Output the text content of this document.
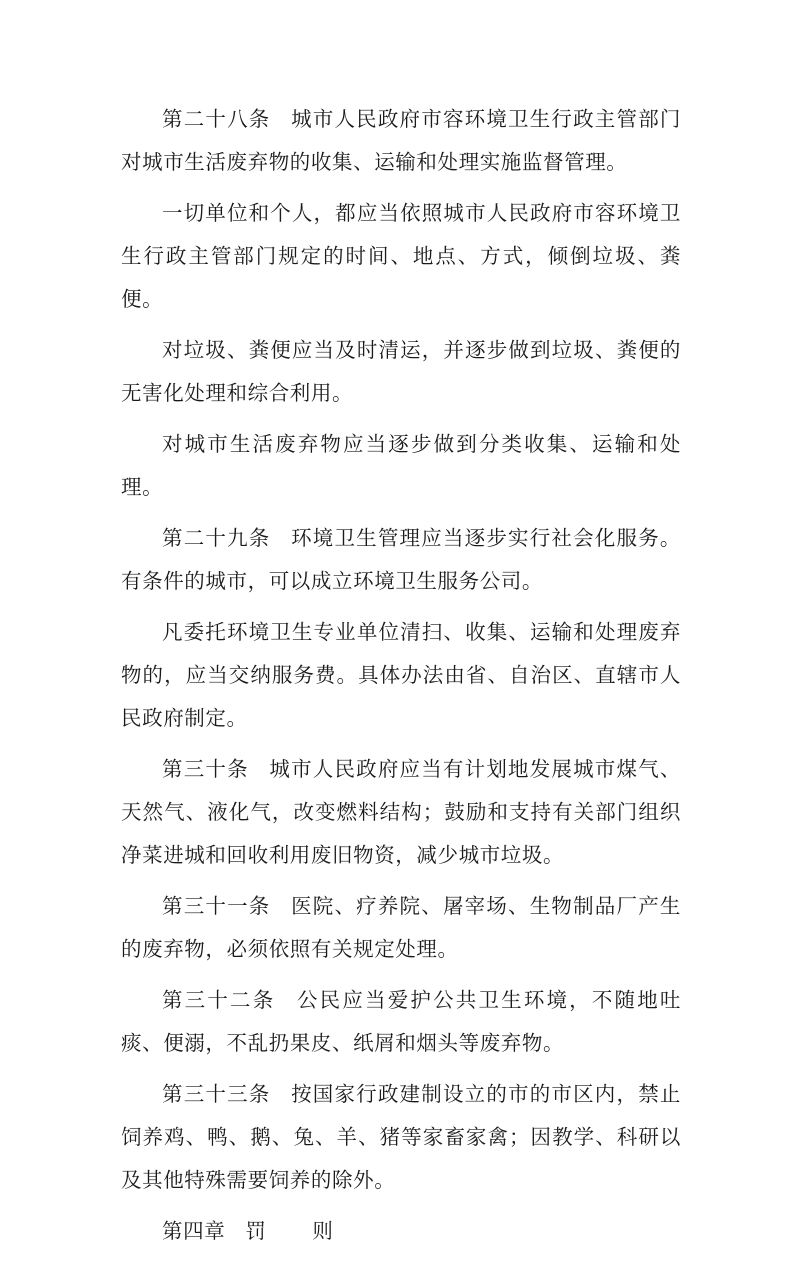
第二十八条 城市人民政府市容环境卫生行政主管部门对城市生活废弃物的收集、运输和处理实施监督管理。

一切单位和个人，都应当依照城市人民政府市容环境卫生行政主管部门规定的时间、地点、方式，倾倒垃圾、粪便。

对垃圾、粪便应当及时清运，并逐步做到垃圾、粪便的无害化处理和综合利用。

对城市生活废弃物应当逐步做到分类收集、运输和处理。

第二十九条 环境卫生管理应当逐步实行社会化服务。有条件的城市，可以成立环境卫生服务公司。

凡委托环境卫生专业单位清扫、收集、运输和处理废弃物的，应当交纳服务费。具体办法由省、自治区、直辖市人民政府制定。

第三十条 城市人民政府应当有计划地发展城市煤气、天然气、液化气，改变燃料结构；鼓励和支持有关部门组织净菜进城和回收利用废旧物资，减少城市垃圾。

第三十一条 医院、疗养院、屠宰场、生物制品厂产生的废弃物，必须依照有关规定处理。

第三十二条 公民应当爱护公共卫生环境，不随地吐痰、便溺，不乱扔果皮、纸屑和烟头等废弃物。

第三十三条 按国家行政建制设立的市的市区内，禁止饲养鸡、鸭、鹅、兔、羊、猪等家畜家禽；因教学、科研以及其他特殊需要饲养的除外。

第四章 罚 则
